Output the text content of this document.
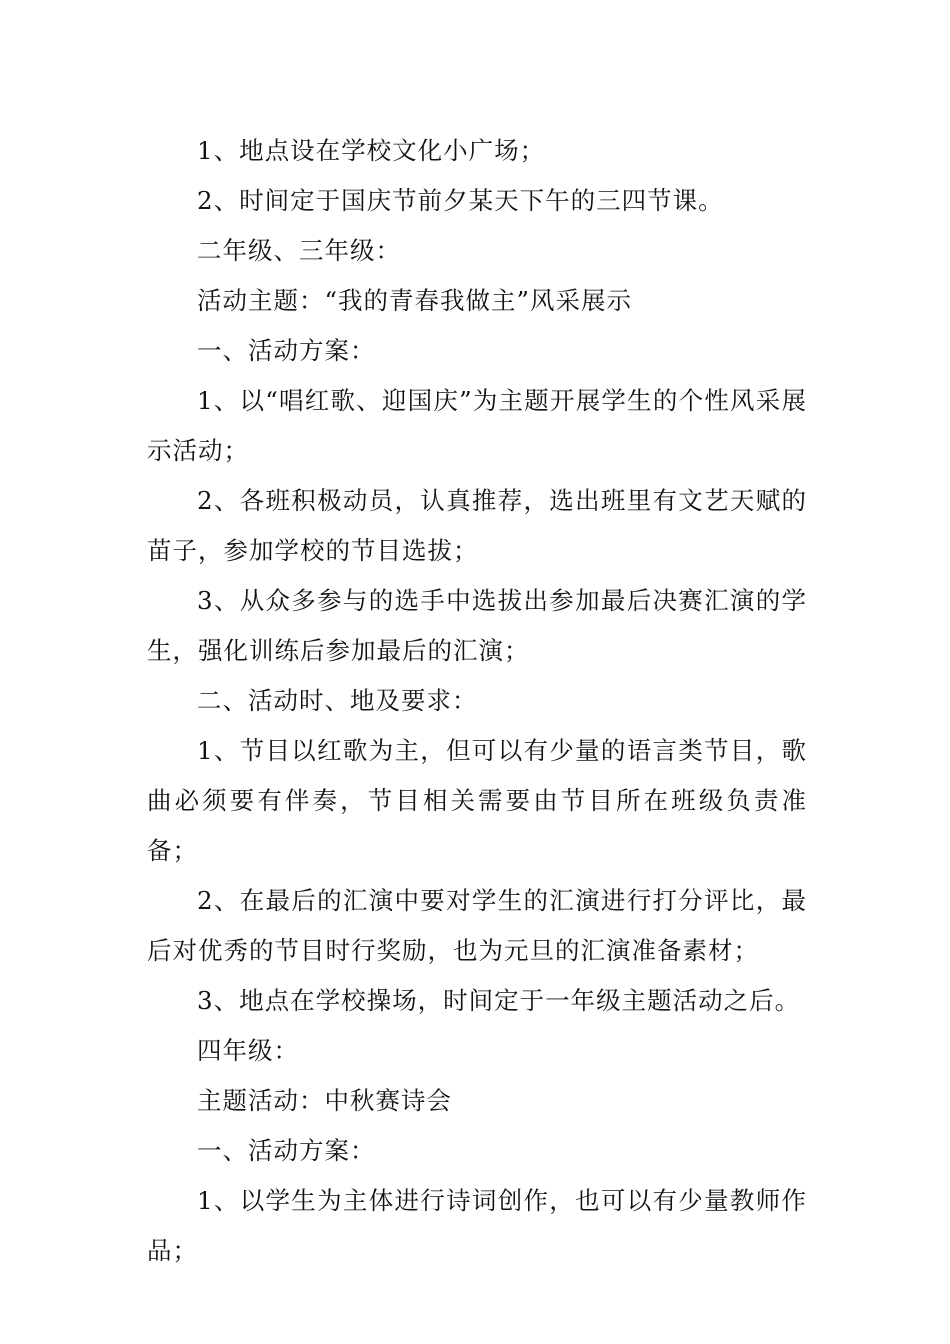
1、地点设在学校文化小广场；

2、时间定于国庆节前夕某天下午的三四节课。

二年级、三年级：

活动主题：“我的青春我做主”风采展示

一、活动方案：

1、以“唱红歌、迎国庆”为主题开展学生的个性风采展示活动；

2、各班积极动员，认真推荐，选出班里有文艺天赋的苗子，参加学校的节目选拔；

3、从众多参与的选手中选拔出参加最后决赛汇演的学生，强化训练后参加最后的汇演；

二、活动时、地及要求：

1、节目以红歌为主，但可以有少量的语言类节目，歌曲必须要有伴奏，节目相关需要由节目所在班级负责准备；

2、在最后的汇演中要对学生的汇演进行打分评比，最后对优秀的节目时行奖励，也为元旦的汇演准备素材；

3、地点在学校操场，时间定于一年级主题活动之后。

四年级：

主题活动：中秋赛诗会

一、活动方案：

1、以学生为主体进行诗词创作，也可以有少量教师作品；
